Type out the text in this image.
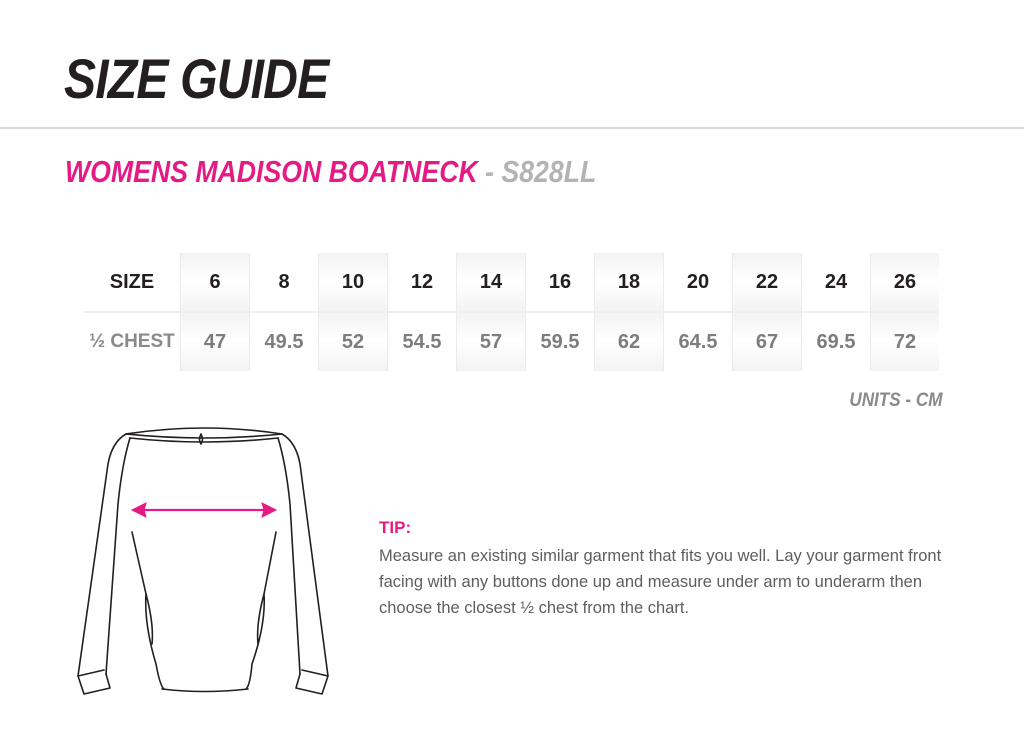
SIZE GUIDE
WOMENS MADISON BOATNECK - S828LL
SIZE	6	8	10	12	14	16	18	20	22	24	26
½ CHEST	47	49.5	52	54.5	57	59.5	62	64.5	67	69.5	72
UNITS - CM

TIP:

Measure an existing similar garment that fits you well. Lay your garment front facing with any buttons done up and measure under arm to underarm then choose the closest ½ chest from the chart.
